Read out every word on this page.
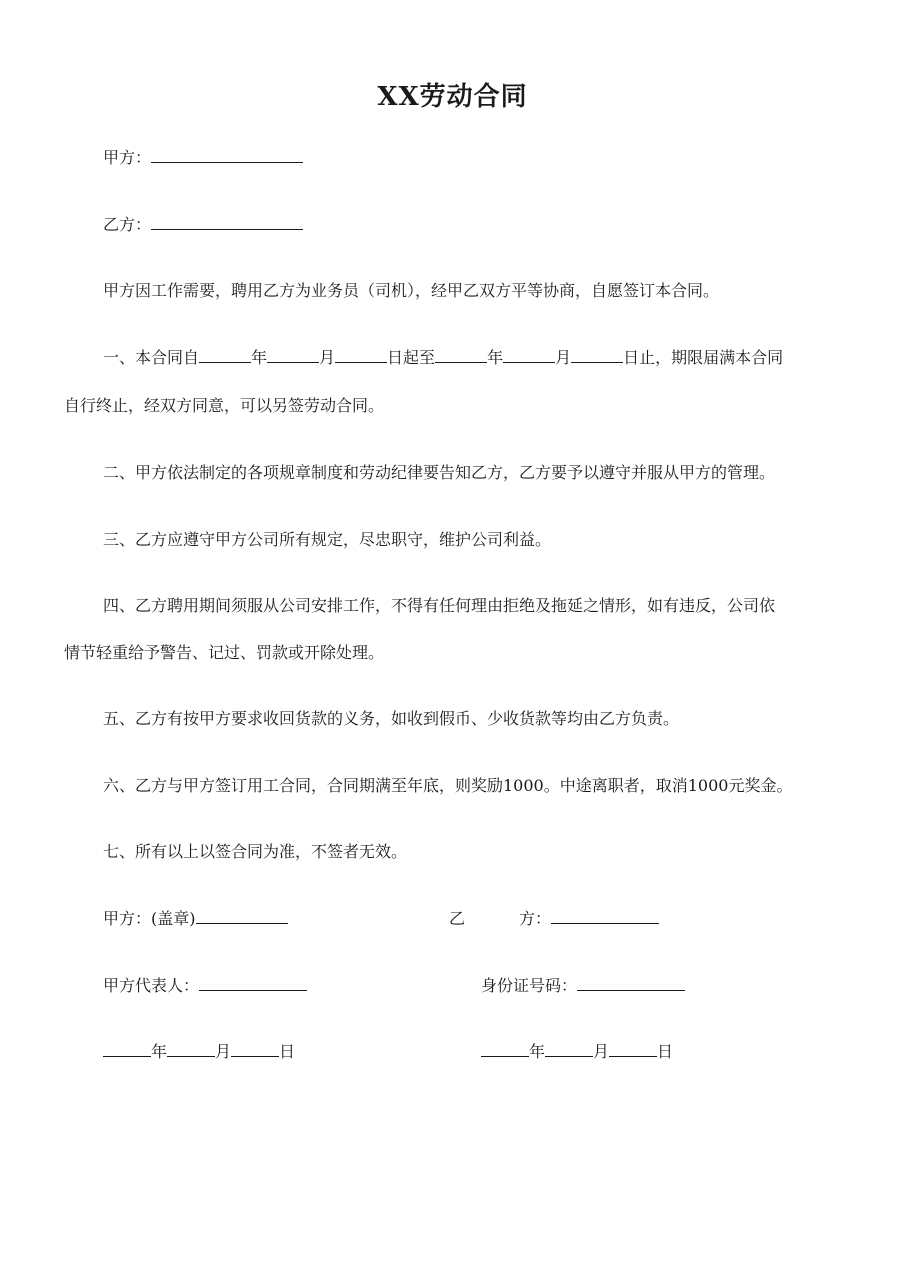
XX劳动合同
甲方：
乙方：
甲方因工作需要，聘用乙方为业务员（司机），经甲乙双方平等协商，自愿签订本合同。
一、本合同自	年	月	日起至	年	月	日止，期限届满本合同
自行终止，经双方同意，可以另签劳动合同。
二、甲方依法制定的各项规章制度和劳动纪律要告知乙方，乙方要予以遵守并服从甲方的管理。
三、乙方应遵守甲方公司所有规定，尽忠职守，维护公司利益。
四、乙方聘用期间须服从公司安排工作，不得有任何理由拒绝及拖延之情形，如有违反，公司依
情节轻重给予警告、记过、罚款或开除处理。
五、乙方有按甲方要求收回货款的义务，如收到假币、少收货款等均由乙方负责。
六、乙方与甲方签订用工合同，合同期满至年底，则奖励1000。中途离职者，取消1000元奖金。
七、所有以上以签合同为准，不签者无效。
甲方：(盖章)	乙	方：
甲方代表人：	身份证号码：
年	月	日	年	月	日
